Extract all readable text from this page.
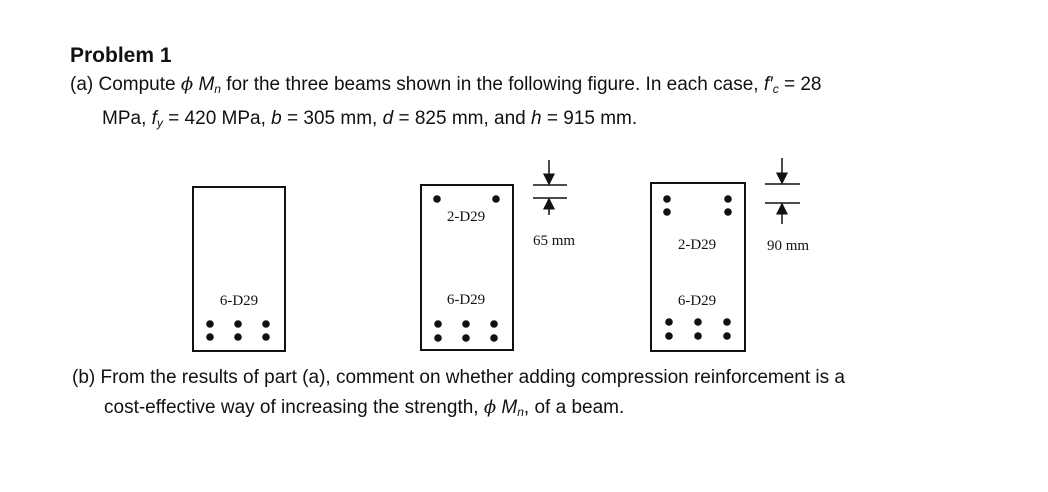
Problem 1
(a) Compute ϕ $M_n$ for the three beams shown in the following figure. In each case, $f'_c = 28$
MPa, $f_y = 420$ MPa, b = 305 mm, d = 825 mm, and h = 915 mm.
6-D29
2-D29
6-D29
65 mm	2-D29
6-D29
90 mm
(b) From the results of part (a), comment on whether adding compression reinforcement is a
cost-effective way of increasing the strength, ϕ $M_n$, of a beam.
